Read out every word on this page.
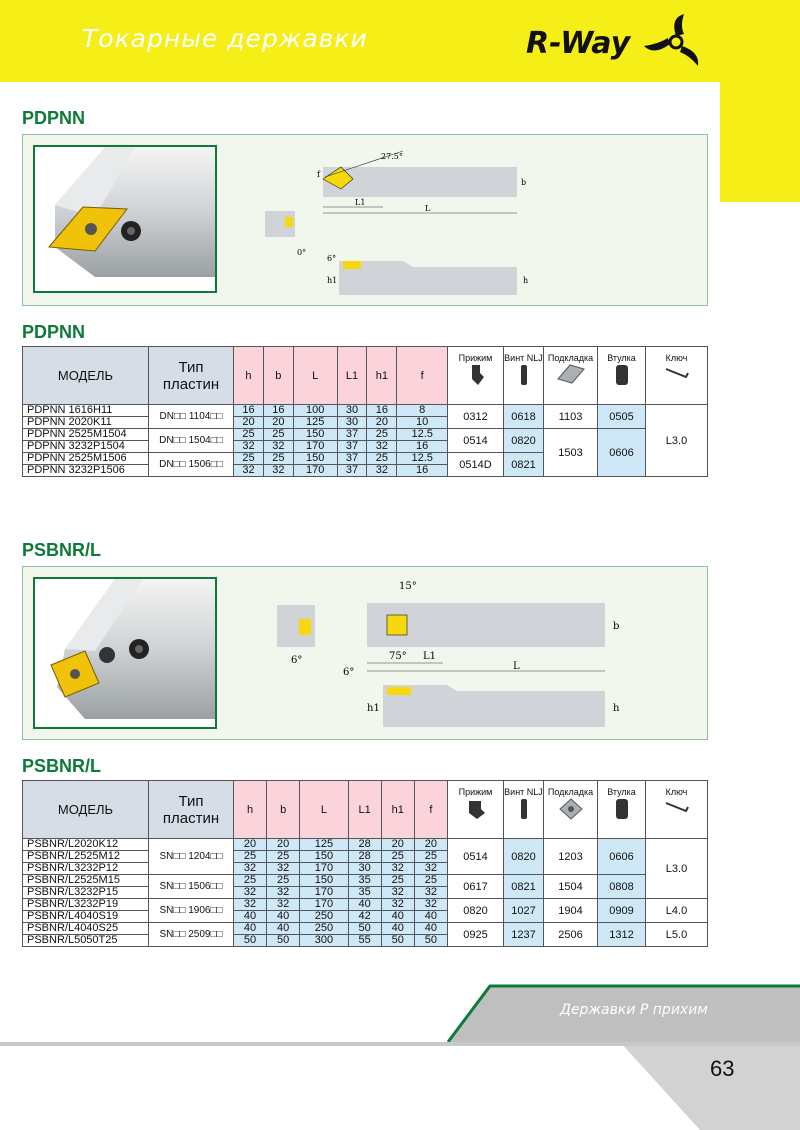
Токарные державки	R-Way
PDPNN
27.5°
f
b
L1
L
0°
6°
h1	h
PDPNN
МОДЕЛЬ	Тип пластин	h	b	L	L1	h1	f	Прижим	Винт NLJ	Подкладка	Втулка	Ключ

PDPNN 1616H11	DN□□ 1104□□	16	16	100	30	16	8	0312	0618	1103	0505	L3.0
PDPNN 2020K11		20	20	125	30	20	10					
PDPNN 2525M1504	DN□□ 1504□□	25	25	150	37	25	12.5	0514	0820	1503	0606	
PDPNN 3232P1504		32	32	170	37	32	16					
PDPNN 2525M1506	DN□□ 1506□□	25	25	150	37	25	12.5	0514D	0821			
PDPNN 3232P1506		32	32	170	37	32	16					
PSBNR/L
6°
15°
75° L1
L
b
6°
h1	h
PSBNR/L
МОДЕЛЬ	Тип пластин	h	b	L	L1	h1	f	Прижим	Винт NLJ	Подкладка	Втулка	Ключ

PSBNR/L2020K12	SN□□ 1204□□	20	20	125	28	20	20	0514	0820	1203	0606	L3.0
PSBNR/L2525M12		25	25	150	28	25	25					
PSBNR/L3232P12		32	32	170	30	32	32					
PSBNR/L2525M15	SN□□ 1506□□	25	25	150	35	25	25	0617	0821	1504	0808	
PSBNR/L3232P15		32	32	170	35	32	32					
PSBNR/L3232P19	SN□□ 1906□□	32	32	170	40	32	32	0820	1027	1904	0909	L4.0
PSBNR/L4040S19		40	40	250	42	40	40					
PSBNR/L4040S25	SN□□ 2509□□	40	40	250	50	40	40	0925	1237	2506	1312	L5.0
PSBNR/L5050T25		50	50	300	55	50	50					
Державки P прихим
63
